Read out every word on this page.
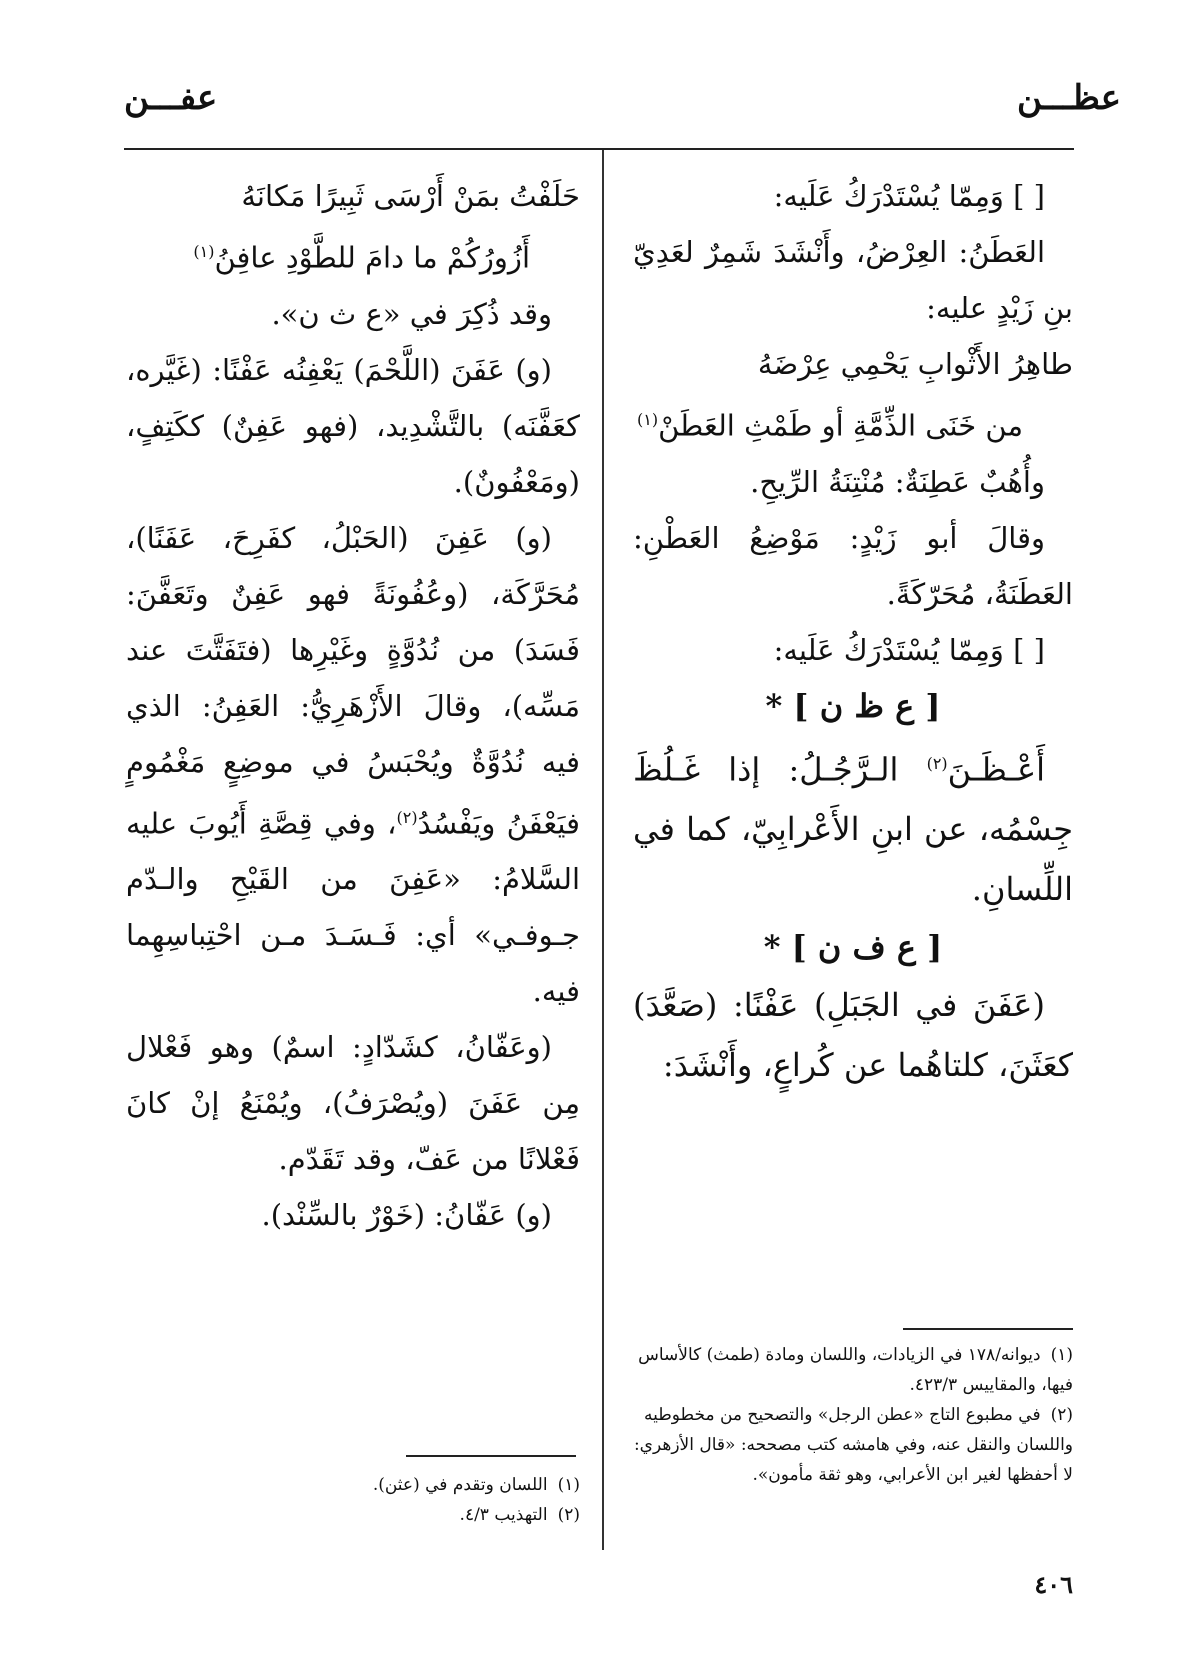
عظـــن
عفـــن

[ ] وَمِمّا يُسْتَدْرَكُ عَلَيه:

العَطَنُ: العِرْضُ، وأَنْشَدَ شَمِرٌ لعَدِيّ بنِ زَيْدٍ عليه:

طاهِرُ الأَثْوابِ يَحْمِي عِرْضَهُ

من خَنَى الذِّمَّةِ أو طَمْثِ العَطَنْ$^{(١)}$

وأُهُبٌ عَطِنَةٌ: مُنْتِنَةُ الرِّيحِ.

وقالَ أبو زَيْدٍ: مَوْضِعُ العَطْنِ: العَطَنَةُ، مُحَرّكَةً.

[ ] وَمِمّا يُسْتَدْرَكُ عَلَيه:

[ ع ظ ن ] *

أَعْـظَـنَ$^{(٢)}$ الـرَّجُـلُ: إذا غَـلُظَ جِسْمُه، عن ابنِ الأَعْرابِيّ، كما في اللِّسانِ.

[ ع ف ن ] *

(عَفَنَ في الجَبَلِ) عَفْنًا: (صَعَّدَ) كعَثَنَ، كلتاهُما عن كُراعٍ، وأَنْشَدَ:

حَلَفْتُ بمَنْ أَرْسَى ثَبِيرًا مَكانَهُ

أَزُورُكُمْ ما دامَ للطَّوْدِ عافِنُ$^{(١)}$

وقد ذُكِرَ في «ع ث ن».

(و) عَفَنَ (اللَّحْمَ) يَعْفِنُه عَفْنًا: (غَيَّره، كعَفَّنَه) بالتَّشْدِيد، (فهو عَفِنٌ) ككَتِفٍ، (ومَعْفُونٌ).

(و) عَفِنَ (الحَبْلُ، كفَرِحَ، عَفَنًا)، مُحَرَّكَة، (وعُفُونَةً فهو عَفِنٌ وتَعَفَّنَ: فَسَدَ) من نُدُوَّةٍ وغَيْرِها (فتَفَتَّتَ عند مَسِّه)، وقالَ الأَزْهَرِيُّ: العَفِنُ: الذي فيه نُدُوَّةٌ ويُحْبَسُ في موضِعٍ مَغْمُومٍ فيَعْفَنُ ويَفْسُدُ$^{(٢)}$، وفي قِصَّةِ أَيُوبَ عليه السَّلامُ: «عَفِنَ من القَيْحِ والـدّم جـوفـي» أي: فَـسَـدَ مـن احْتِباسِهِما فيه.

(وعَفّانُ، كشَدّادٍ: اسمٌ) وهو فَعْلال مِن عَفَنَ (ويُصْرَفُ)، ويُمْنَعُ إنْ كانَ فَعْلانًا من عَفّ، وقد تَقَدّم.

(و) عَفّانُ: (خَوْرٌ بالسِّنْد).

(١)ديوانه/١٧٨ في الزيادات، واللسان ومادة (طمث) كالأساس فيها، والمقاييس ٤٢٣/٣.

(٢)في مطبوع التاج «عطن الرجل» والتصحيح من مخطوطيه واللسان والنقل عنه، وفي هامشه كتب مصححه: «قال الأزهري: لا أحفظها لغير ابن الأعرابي، وهو ثقة مأمون».

(١)اللسان وتقدم في (عثن).

(٢)التهذيب ٤/٣.

٤٠٦
